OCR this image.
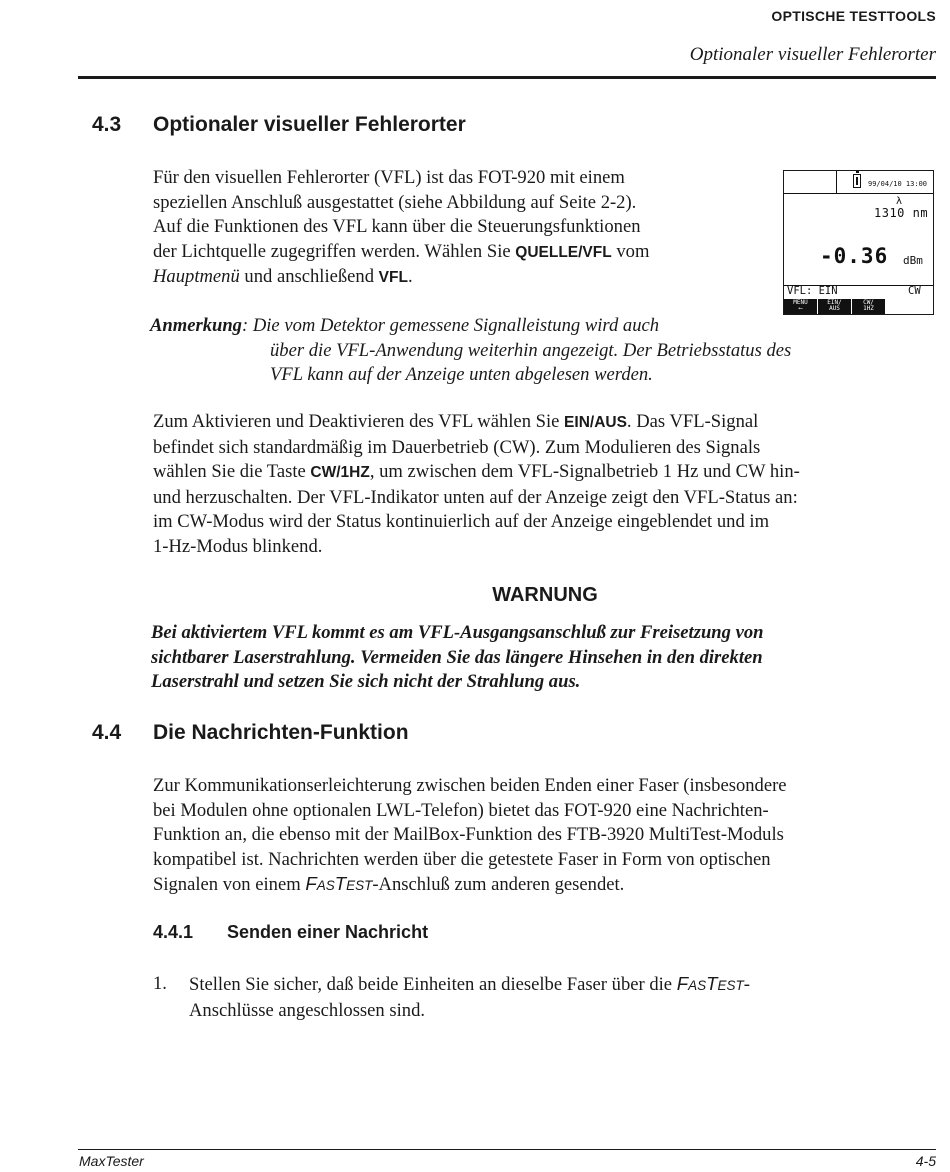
OPTISCHE TESTTOOLS
Optionaler visueller Fehlerorter
4.3 Optionaler visueller Fehlerorter

Für den visuellen Fehlerorter (VFL) ist das FOT-920 mit einem

speziellen Anschluß ausgestattet (siehe Abbildung auf Seite 2-2).

Auf die Funktionen des VFL kann über die Steuerungsfunktionen

der Lichtquelle zugegriffen werden. Wählen Sie QUELLE/VFL vom

Hauptmenü und anschließend VFL.

99/04/10 13:00
λ
1310 nm
-0.36 dBm
VFL: EIN	CW
MENU
⟵
EIN/
AUS
CW/
1HZ
Anmerkung: Die vom Detektor gemessene Signalleistung wird auch
über die VFL-Anwendung weiterhin angezeigt. Der Betriebsstatus des
VFL kann auf der Anzeige unten abgelesen werden.

Zum Aktivieren und Deaktivieren des VFL wählen Sie EIN/AUS. Das VFL-Signal

befindet sich standardmäßig im Dauerbetrieb (CW). Zum Modulieren des Signals

wählen Sie die Taste CW/1HZ, um zwischen dem VFL-Signalbetrieb 1 Hz und CW hin-

und herzuschalten. Der VFL-Indikator unten auf der Anzeige zeigt den VFL-Status an:

im CW-Modus wird der Status kontinuierlich auf der Anzeige eingeblendet und im

1-Hz-Modus blinkend.

WARNUNG
Bei aktiviertem VFL kommt es am VFL-Ausgangsanschluß zur Freisetzung von
sichtbarer Laserstrahlung. Vermeiden Sie das längere Hinsehen in den direkten
Laserstrahl und setzen Sie sich nicht der Strahlung aus.
4.4 Die Nachrichten-Funktion

Zur Kommunikationserleichterung zwischen beiden Enden einer Faser (insbesondere

bei Modulen ohne optionalen LWL-Telefon) bietet das FOT-920 eine Nachrichten-

Funktion an, die ebenso mit der MailBox-Funktion des FTB-3920 MultiTest-Moduls

kompatibel ist. Nachrichten werden über die getestete Faser in Form von optischen

Signalen von einem FASTEST-Anschluß zum anderen gesendet.

4.4.1 Senden einer Nachricht
1. Stellen Sie sicher, daß beide Einheiten an dieselbe Faser über die FASTEST-
Anschlüsse angeschlossen sind.
MaxTester	4-5
